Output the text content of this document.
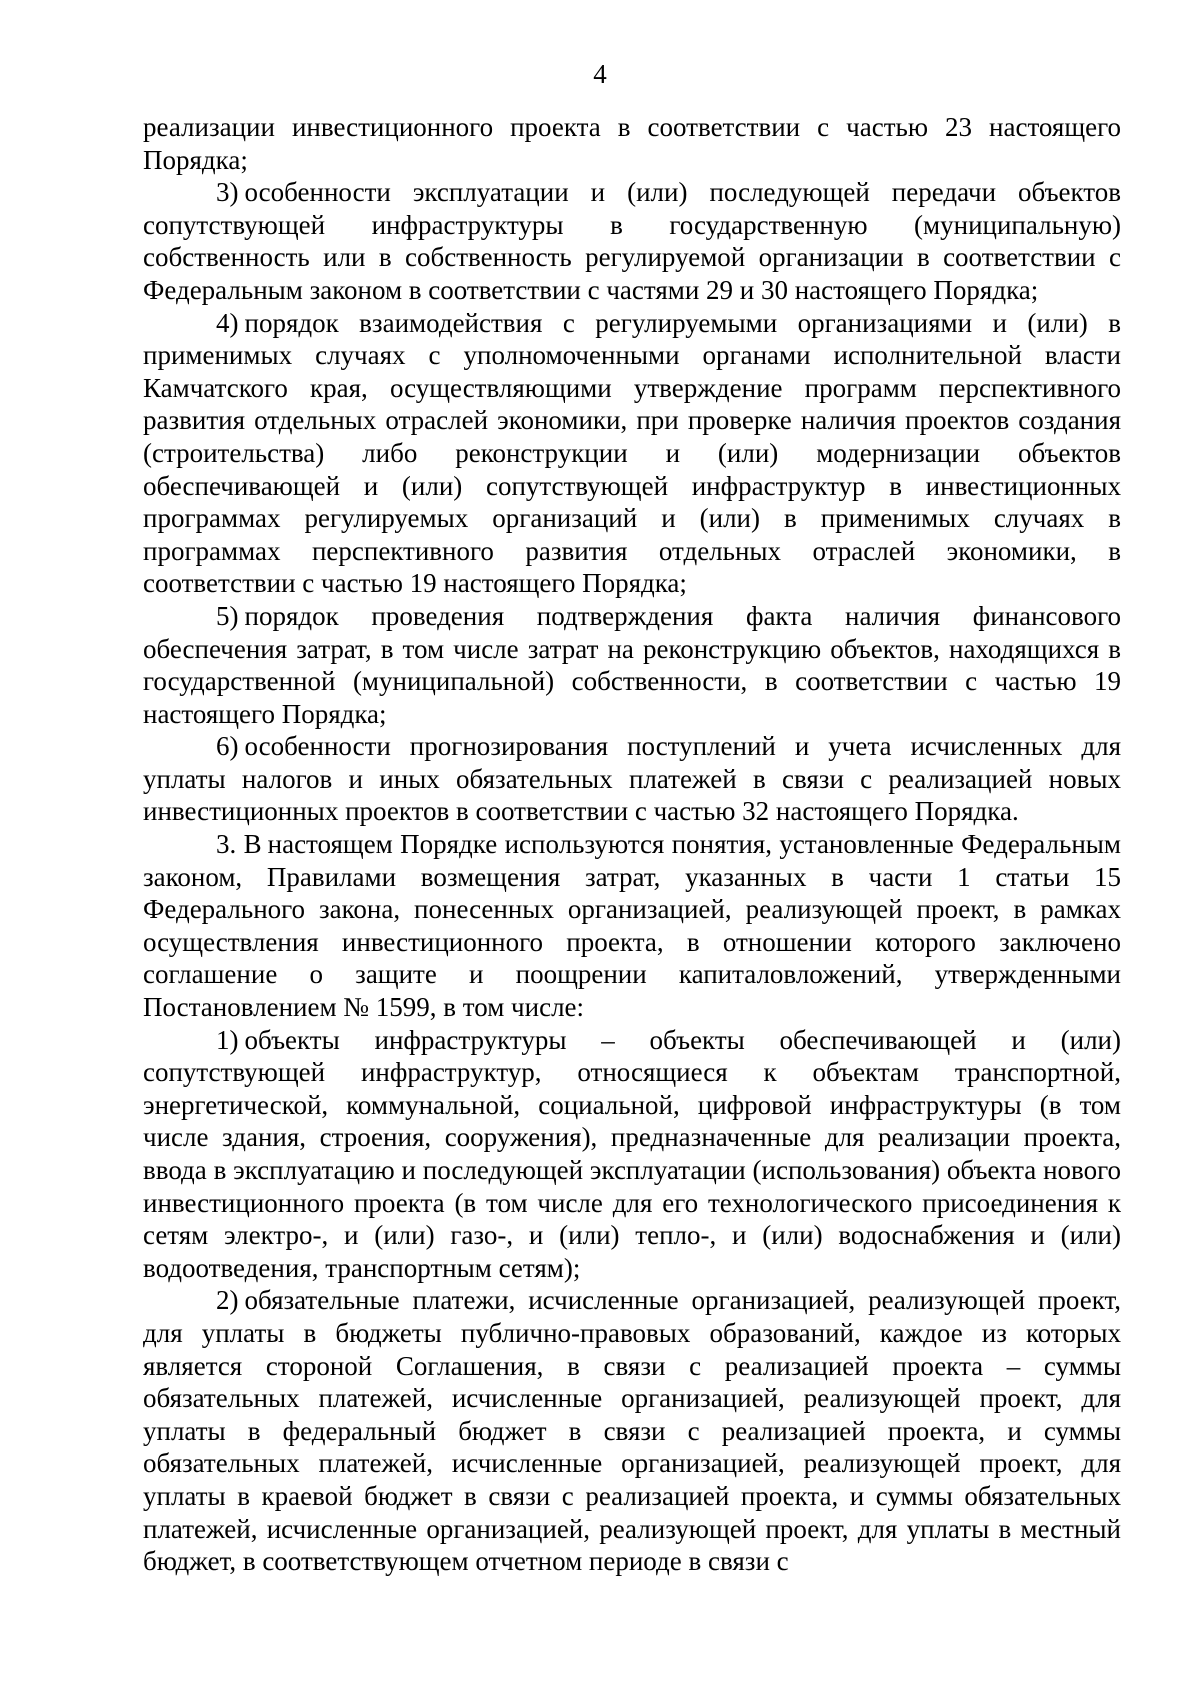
4

реализации инвестиционного проекта в соответствии с частью 23 настоящего Порядка;

3) особенности эксплуатации и (или) последующей передачи объектов сопутствующей инфраструктуры в государственную (муниципальную) собственность или в собственность регулируемой организации в соответствии с Федеральным законом в соответствии с частями 29 и 30 настоящего Порядка;

4) порядок взаимодействия с регулируемыми организациями и (или) в применимых случаях с уполномоченными органами исполнительной власти Камчатского края, осуществляющими утверждение программ перспективного развития отдельных отраслей экономики, при проверке наличия проектов создания (строительства) либо реконструкции и (или) модернизации объектов обеспечивающей и (или) сопутствующей инфраструктур в инвестиционных программах регулируемых организаций и (или) в применимых случаях в программах перспективного развития отдельных отраслей экономики, в соответствии с частью 19 настоящего Порядка;

5) порядок проведения подтверждения факта наличия финансового обеспечения затрат, в том числе затрат на реконструкцию объектов, находящихся в государственной (муниципальной) собственности, в соответствии с частью 19 настоящего Порядка;

6) особенности прогнозирования поступлений и учета исчисленных для уплаты налогов и иных обязательных платежей в связи с реализацией новых инвестиционных проектов в соответствии с частью 32 настоящего Порядка.

3. В настоящем Порядке используются понятия, установленные Федеральным законом, Правилами возмещения затрат, указанных в части 1 статьи 15 Федерального закона, понесенных организацией, реализующей проект, в рамках осуществления инвестиционного проекта, в отношении которого заключено соглашение о защите и поощрении капиталовложений, утвержденными Постановлением № 1599, в том числе:

1) объекты инфраструктуры – объекты обеспечивающей и (или) сопутствующей инфраструктур, относящиеся к объектам транспортной, энергетической, коммунальной, социальной, цифровой инфраструктуры (в том числе здания, строения, сооружения), предназначенные для реализации проекта, ввода в эксплуатацию и последующей эксплуатации (использования) объекта нового инвестиционного проекта (в том числе для его технологического присоединения к сетям электро-, и (или) газо-, и (или) тепло-, и (или) водоснабжения и (или) водоотведения, транспортным сетям);

2) обязательные платежи, исчисленные организацией, реализующей проект, для уплаты в бюджеты публично-правовых образований, каждое из которых является стороной Соглашения, в связи с реализацией проекта – суммы обязательных платежей, исчисленные организацией, реализующей проект, для уплаты в федеральный бюджет в связи с реализацией проекта, и суммы обязательных платежей, исчисленные организацией, реализующей проект, для уплаты в краевой бюджет в связи с реализацией проекта, и суммы обязательных платежей, исчисленные организацией, реализующей проект, для уплаты в местный бюджет, в соответствующем отчетном периоде в связи с
